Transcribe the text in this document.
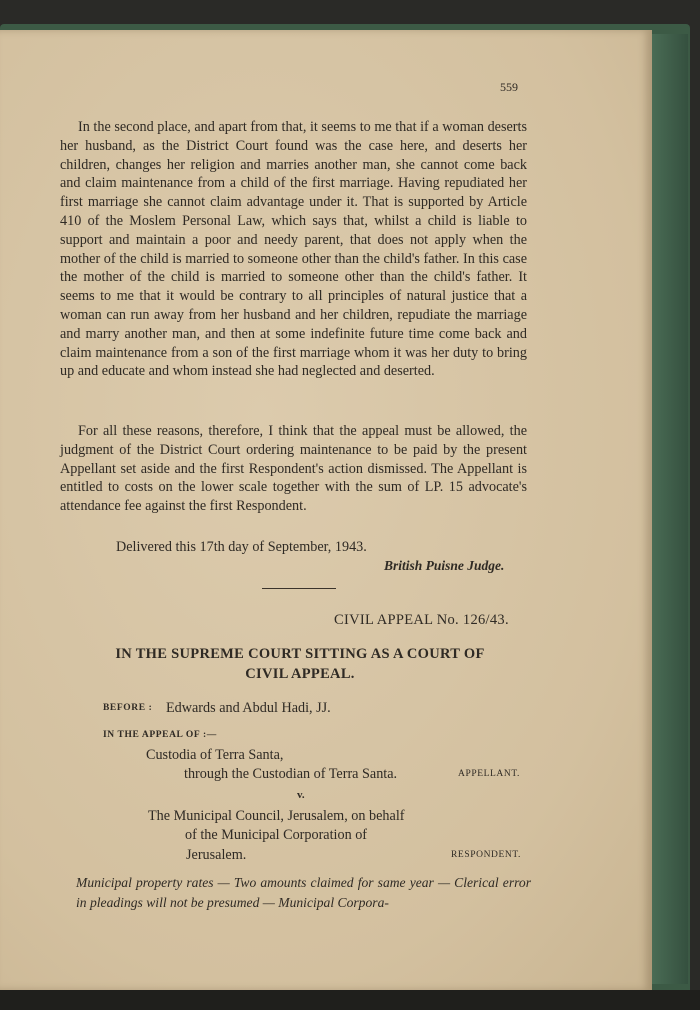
559
In the second place, and apart from that, it seems to me that if a woman deserts her husband, as the District Court found was the case here, and deserts her children, changes her religion and marries another man, she cannot come back and claim maintenance from a child of the first marriage. Having repudiated her first marriage she cannot claim advantage under it. That is supported by Article 410 of the Moslem Personal Law, which says that, whilst a child is liable to support and maintain a poor and needy parent, that does not apply when the mother of the child is married to someone other than the child's father. In this case the mother of the child is married to someone other than the child's father. It seems to me that it would be contrary to all principles of natural justice that a woman can run away from her husband and her children, repudiate the marriage and marry another man, and then at some indefinite future time come back and claim maintenance from a son of the first marriage whom it was her duty to bring up and educate and whom instead she had neglected and deserted.
For all these reasons, therefore, I think that the appeal must be allowed, the judgment of the District Court ordering maintenance to be paid by the present Appellant set aside and the first Respondent's action dismissed. The Appellant is entitled to costs on the lower scale together with the sum of LP. 15 advocate's attendance fee against the first Respondent.
Delivered this 17th day of September, 1943.
British Puisne Judge.
CIVIL APPEAL No. 126/43.
IN THE SUPREME COURT SITTING AS A COURT OF
CIVIL APPEAL.
BEFORE : Edwards and Abdul Hadi, JJ.
IN THE APPEAL OF :—
Custodia of Terra Santa,
through the Custodian of Terra Santa.	APPELLANT.
v.
The Municipal Council, Jerusalem, on behalf
of the Municipal Corporation of
Jerusalem.	RESPONDENT.
Municipal property rates — Two amounts claimed for same year — Clerical error in pleadings will not be presumed — Municipal Corpora-
